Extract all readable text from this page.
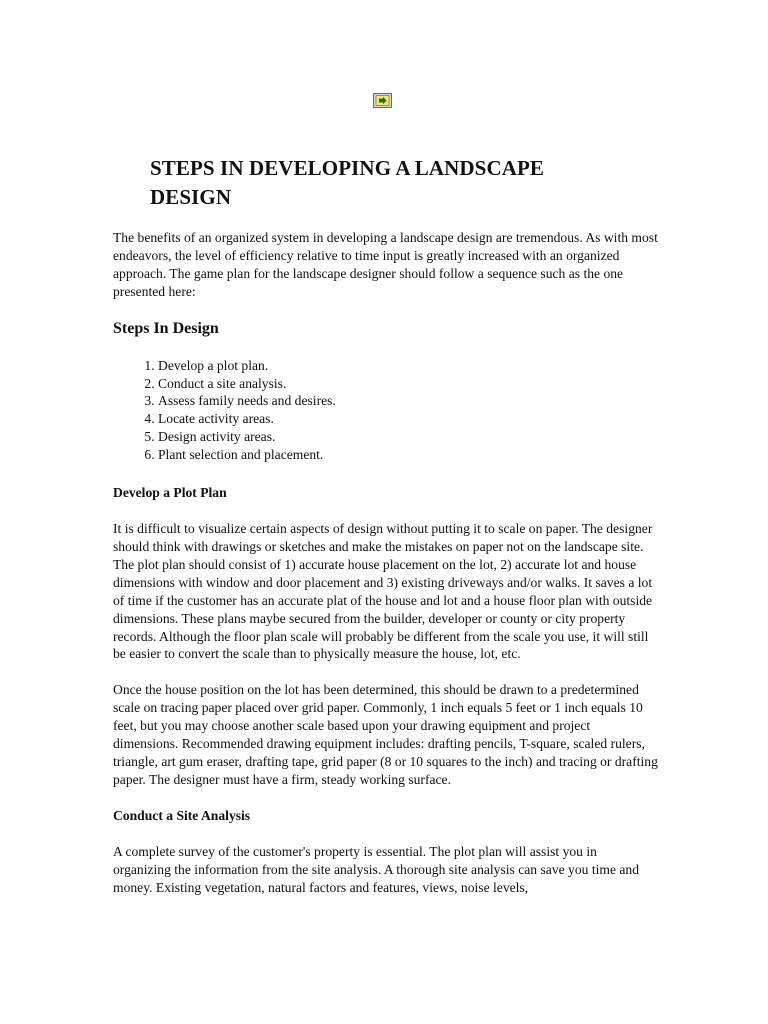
STEPS IN DEVELOPING A LANDSCAPE DESIGN

The benefits of an organized system in developing a landscape design are tremendous. As with most endeavors, the level of efficiency relative to time input is greatly increased with an organized approach. The game plan for the landscape designer should follow a sequence such as the one presented here:

Steps In Design
1. Develop a plot plan.
2. Conduct a site analysis.
3. Assess family needs and desires.
4. Locate activity areas.
5. Design activity areas.
6. Plant selection and placement.
Develop a Plot Plan

It is difficult to visualize certain aspects of design without putting it to scale on paper. The designer should think with drawings or sketches and make the mistakes on paper not on the landscape site. The plot plan should consist of 1) accurate house placement on the lot, 2) accurate lot and house dimensions with window and door placement and 3) existing driveways and/or walks. It saves a lot of time if the customer has an accurate plat of the house and lot and a house floor plan with outside dimensions. These plans maybe secured from the builder, developer or county or city property records. Although the floor plan scale will probably be different from the scale you use, it will still be easier to convert the scale than to physically measure the house, lot, etc.

Once the house position on the lot has been determined, this should be drawn to a predetermined scale on tracing paper placed over grid paper. Commonly, 1 inch equals 5 feet or 1 inch equals 10 feet, but you may choose another scale based upon your drawing equipment and project dimensions. Recommended drawing equipment includes: drafting pencils, T-square, scaled rulers, triangle, art gum eraser, drafting tape, grid paper (8 or 10 squares to the inch) and tracing or drafting paper. The designer must have a firm, steady working surface.

Conduct a Site Analysis

A complete survey of the customer's property is essential. The plot plan will assist you in organizing the information from the site analysis. A thorough site analysis can save you time and money. Existing vegetation, natural factors and features, views, noise levels,
